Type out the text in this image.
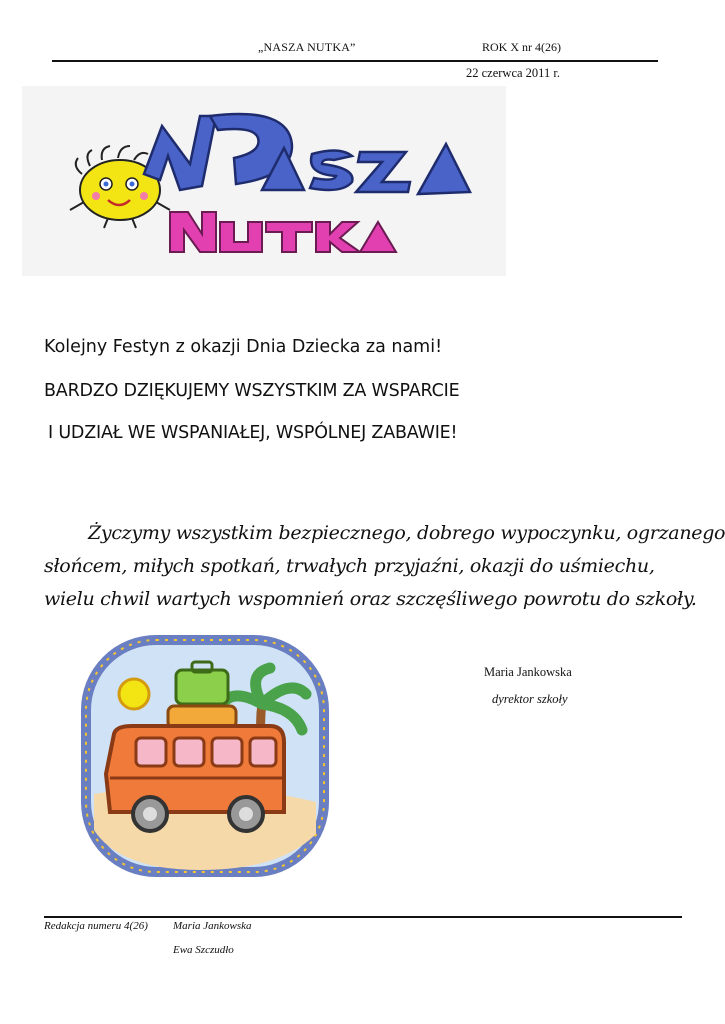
„NASZA NUTKA”	ROK X nr 4(26)
22 czerwca 2011 r.
Kolejny Festyn z okazji Dnia Dziecka za nami!
BARDZO DZIĘKUJEMY WSZYSTKIM ZA WSPARCIE
I UDZIAŁ WE WSPANIAŁEJ, WSPÓLNEJ ZABAWIE!
Życzymy wszystkim bezpiecznego, dobrego wypoczynku, ogrzanego
słońcem, miłych spotkań, trwałych przyjaźni, okazji do uśmiechu,
wielu chwil wartych wspomnień oraz szczęśliwego powrotu do szkoły.
Maria Jankowska
dyrektor szkoły
Redakcja numeru 4(26) Maria Jankowska
Ewa Szczudło
